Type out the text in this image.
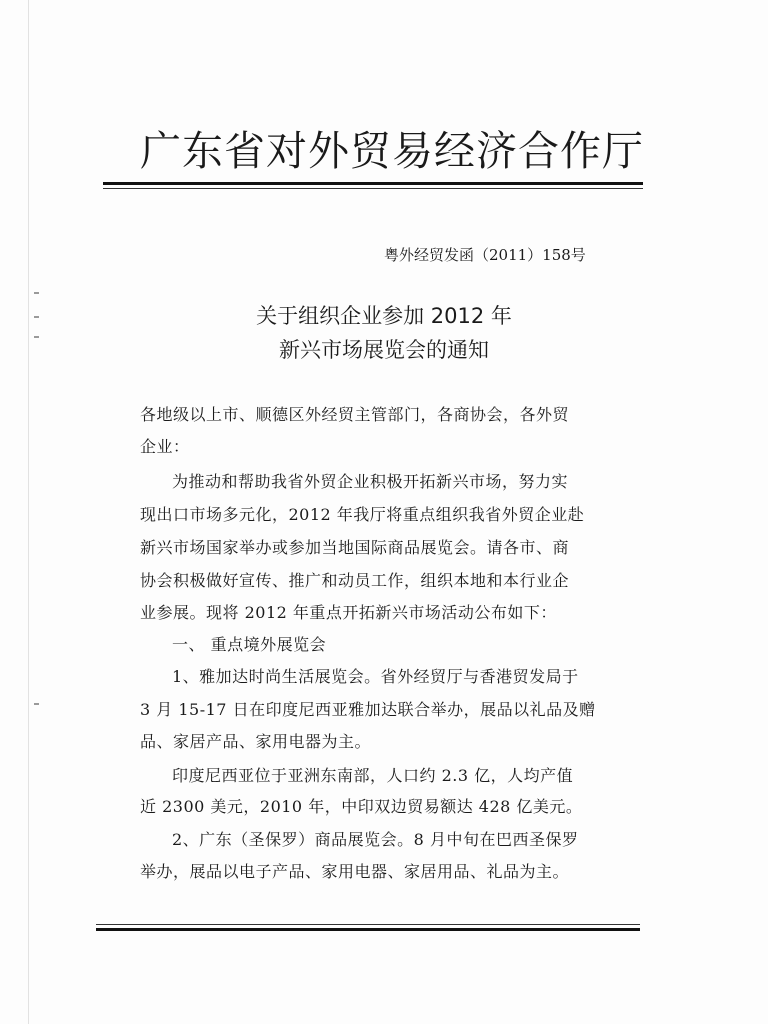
广东省对外贸易经济合作厅
粤外经贸发函（2011）158号
关于组织企业参加 2012 年
新兴市场展览会的通知
各地级以上市、顺德区外经贸主管部门，各商协会，各外贸
企业：
为推动和帮助我省外贸企业积极开拓新兴市场，努力实
现出口市场多元化，2012 年我厅将重点组织我省外贸企业赴
新兴市场国家举办或参加当地国际商品展览会。请各市、商
协会积极做好宣传、推广和动员工作，组织本地和本行业企
业参展。现将 2012 年重点开拓新兴市场活动公布如下：
一、 重点境外展览会
1、雅加达时尚生活展览会。省外经贸厅与香港贸发局于
3 月 15-17 日在印度尼西亚雅加达联合举办，展品以礼品及赠
品、家居产品、家用电器为主。
印度尼西亚位于亚洲东南部，人口约 2.3 亿，人均产值
近 2300 美元，2010 年，中印双边贸易额达 428 亿美元。
2、广东（圣保罗）商品展览会。8 月中旬在巴西圣保罗
举办，展品以电子产品、家用电器、家居用品、礼品为主。
